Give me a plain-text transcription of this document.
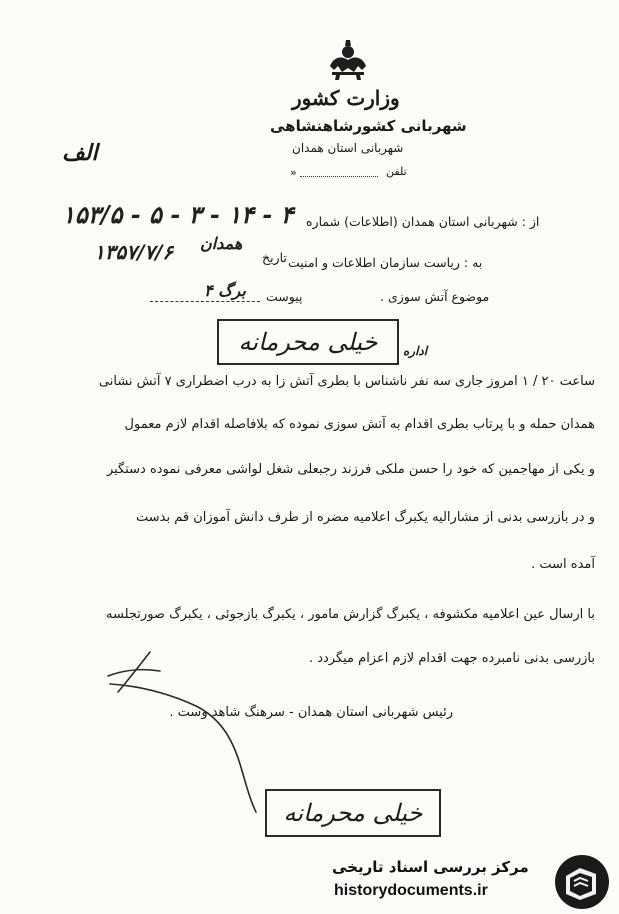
وزارت کشور
شهربانی کشورشاهنشاهی
شهربانی استان همدان
»	تلفن
الف
از : شهربانی استان همدان (اطلاعات) شماره
۱۵۳/۵ - ۵ - ۳ - ۱۴ - ۴
به : ریاست سازمان اطلاعات و امنیت
تاریخ
همدان
۱۳۵۷/۷/۶
موضوع آتش سوزی .
پیوست
۴ برگ
خیلی محرمانه	اداره
ساعت ۲۰ / ۱ امروز جاری سه نفر ناشناس با بطری آتش زا به درب اضطراری ۷ آتش نشانی
همدان حمله و با پرتاب بطری اقدام به آتش سوزی نموده که بلافاصله اقدام لازم معمول
و یکی از مهاجمین که خود را حسن ملکی فرزند رجبعلی شغل لواشی معرفی نموده دستگیر
و در بازرسی بدنی از مشارالیه یکبرگ اعلامیه مضره از طرف دانش آموزان قم بدست
آمده است .
با ارسال عین اعلامیه مکشوفه ، یکبرگ گزارش مامور ، یکبرگ بازجوئی ، یکبرگ صورتجلسه
بازرسی بدنی نامبرده جهت اقدام لازم اعزام میگردد .
رئیس شهربانی استان همدان - سرهنگ شاهد وست .
خیلی محرمانه
مرکز بررسی اسناد تاریخی
historydocuments.ir
